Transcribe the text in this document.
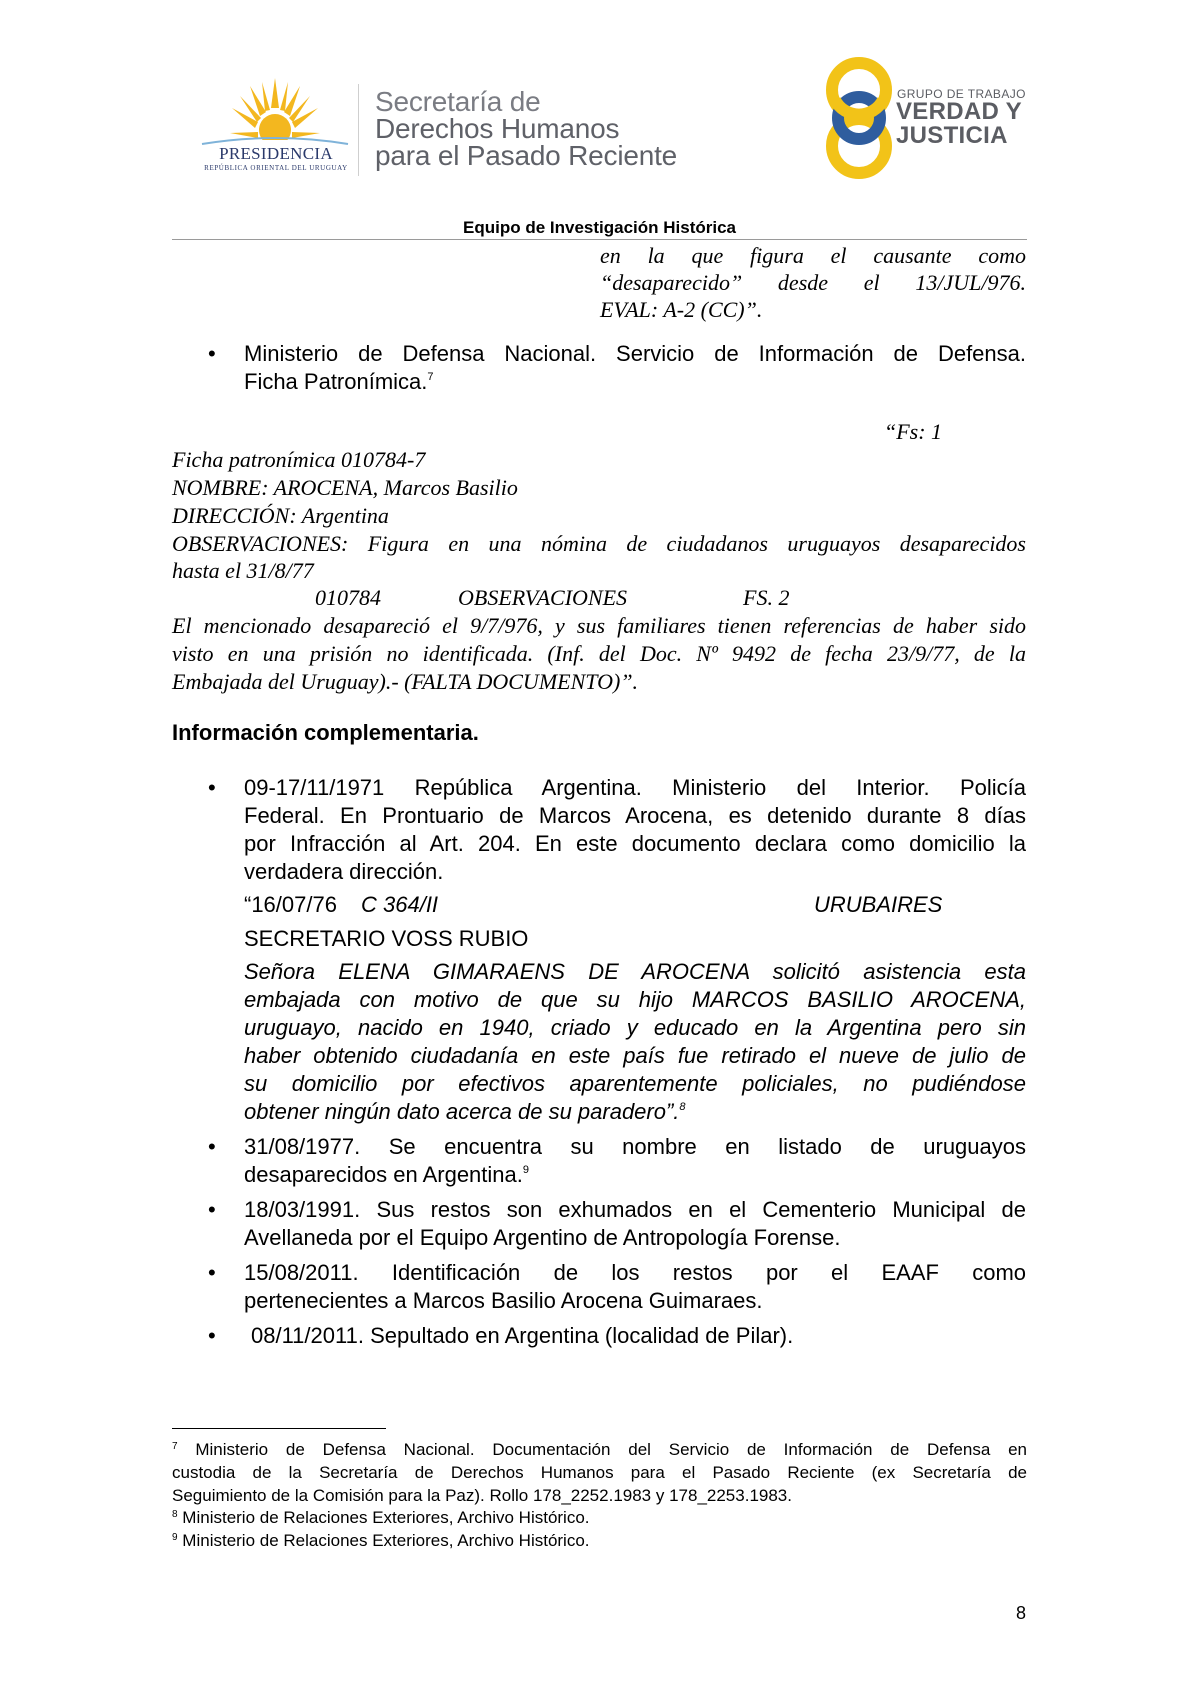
PRESIDENCIA
REPÚBLICA ORIENTAL DEL URUGUAY
Secretaría de
Derechos Humanos
para el Pasado Reciente
GRUPO DE TRABAJO
VERDAD Y
JUSTICIA
Equipo de Investigación Histórica
en la que figura el causante como
“desaparecido” desde el 13/JUL/976.
EVAL: A-2 (CC)”.
• Ministerio de Defensa Nacional. Servicio de Información de Defensa.
Ficha Patronímica.$^7$
“Fs: 1
Ficha patronímica 010784-7
NOMBRE: AROCENA, Marcos Basilio
DIRECCIÓN: Argentina
OBSERVACIONES: Figura en una nómina de ciudadanos uruguayos desaparecidos
hasta el 31/8/77
010784	OBSERVACIONES	FS. 2
El mencionado desapareció el 9/7/976, y sus familiares tienen referencias de haber sido
visto en una prisión no identificada. (Inf. del Doc. Nº 9492 de fecha 23/9/77, de la
Embajada del Uruguay).- (FALTA DOCUMENTO)”.
Información complementaria.
• 09-17/11/1971 República Argentina. Ministerio del Interior. Policía
Federal. En Prontuario de Marcos Arocena, es detenido durante 8 días
por Infracción al Art. 204. En este documento declara como domicilio la
verdadera dirección.
“16/07/76 C 364/II	URUBAIRES
SECRETARIO VOSS RUBIO
Señora ELENA GIMARAENS DE AROCENA solicitó asistencia esta
embajada con motivo de que su hijo MARCOS BASILIO AROCENA,
uruguayo, nacido en 1940, criado y educado en la Argentina pero sin
haber obtenido ciudadanía en este país fue retirado el nueve de julio de
su domicilio por efectivos aparentemente policiales, no pudiéndose
obtener ningún dato acerca de su paradero”.$^8$
• 31/08/1977. Se encuentra su nombre en listado de uruguayos
desaparecidos en Argentina.$^9$
• 18/03/1991. Sus restos son exhumados en el Cementerio Municipal de
Avellaneda por el Equipo Argentino de Antropología Forense.
• 15/08/2011. Identificación de los restos por el EAAF como
pertenecientes a Marcos Basilio Arocena Guimaraes.
• 08/11/2011. Sepultado en Argentina (localidad de Pilar).
$^7$ Ministerio de Defensa Nacional. Documentación del Servicio de Información de Defensa en
custodia de la Secretaría de Derechos Humanos para el Pasado Reciente (ex Secretaría de
Seguimiento de la Comisión para la Paz). Rollo 178_2252.1983 y 178_2253.1983.
$^8$ Ministerio de Relaciones Exteriores, Archivo Histórico.
$^9$ Ministerio de Relaciones Exteriores, Archivo Histórico.
8
